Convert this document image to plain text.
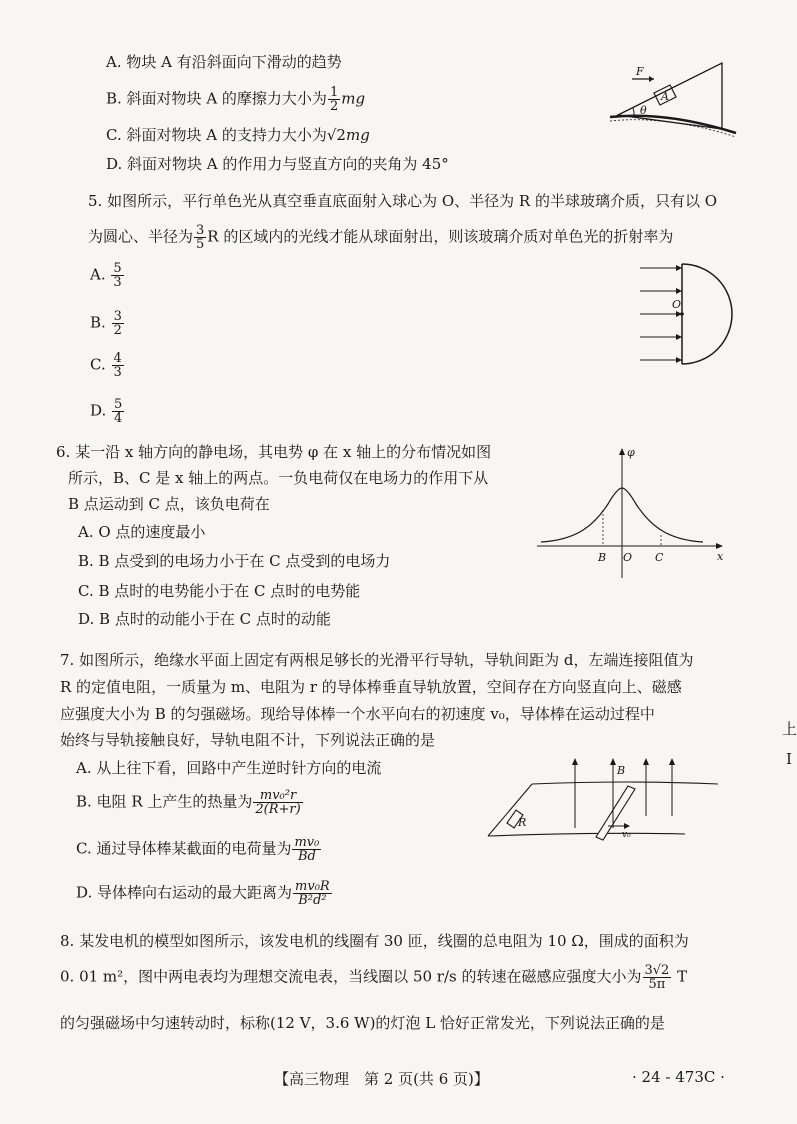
A. 物块 A 有沿斜面向下滑动的趋势
B. 斜面对物块 A 的摩擦力大小为 $\frac{1}{2}$ mg
C. 斜面对物块 A 的支持力大小为√2mg
D. 斜面对物块 A 的作用力与竖直方向的夹角为 45°
F
A
θ
5. 如图所示，平行单色光从真空垂直底面射入球心为 O、半径为 R 的半球玻璃介质，只有以 O
为圆心、半径为 $\frac{3}{5}$ R 的区域内的光线才能从球面射出，则该玻璃介质对单色光的折射率为
A. $\frac{5}{3}$
B. $\frac{3}{2}$
C. $\frac{4}{3}$
D. $\frac{5}{4}$
O
6. 某一沿 x 轴方向的静电场，其电势 φ 在 x 轴上的分布情况如图
所示，B、C 是 x 轴上的两点。一负电荷仅在电场力的作用下从
B 点运动到 C 点，该负电荷在
A. O 点的速度最小
B. B 点受到的电场力小于在 C 点受到的电场力
C. B 点时的电势能小于在 C 点时的电势能
D. B 点时的动能小于在 C 点时的动能
φ
x
B O C
7. 如图所示，绝缘水平面上固定有两根足够长的光滑平行导轨，导轨间距为 d，左端连接阻值为
R 的定值电阻，一质量为 m、电阻为 r 的导体棒垂直导轨放置，空间存在方向竖直向上、磁感
应强度大小为 B 的匀强磁场。现给导体棒一个水平向右的初速度 v₀，导体棒在运动过程中
始终与导轨接触良好，导轨电阻不计，下列说法正确的是
A. 从上往下看，回路中产生逆时针方向的电流
B. 电阻 R 上产生的热量为 $\frac{\text{mv₀²r}}{2(R+r)}$
C. 通过导体棒某截面的电荷量为 $\frac{\text{mv₀}}{Bd}$
D. 导体棒向右运动的最大距离为 $\frac{\text{mv₀R}}{\text{B²d²}}$
B
R
v₀
8. 某发电机的模型如图所示，该发电机的线圈有 30 匝，线圈的总电阻为 10 Ω，围成的面积为
0. 01 m²，图中两电表均为理想交流电表，当线圈以 50 r/s 的转速在磁感应强度大小为 $\frac{3√2}{5\pi}$ T
的匀强磁场中匀速转动时，标称(12 V，3.6 W)的灯泡 L 恰好正常发光，下列说法正确的是
上
I
【高三物理　第 2 页(共 6 页)】	· 24 - 473C ·
